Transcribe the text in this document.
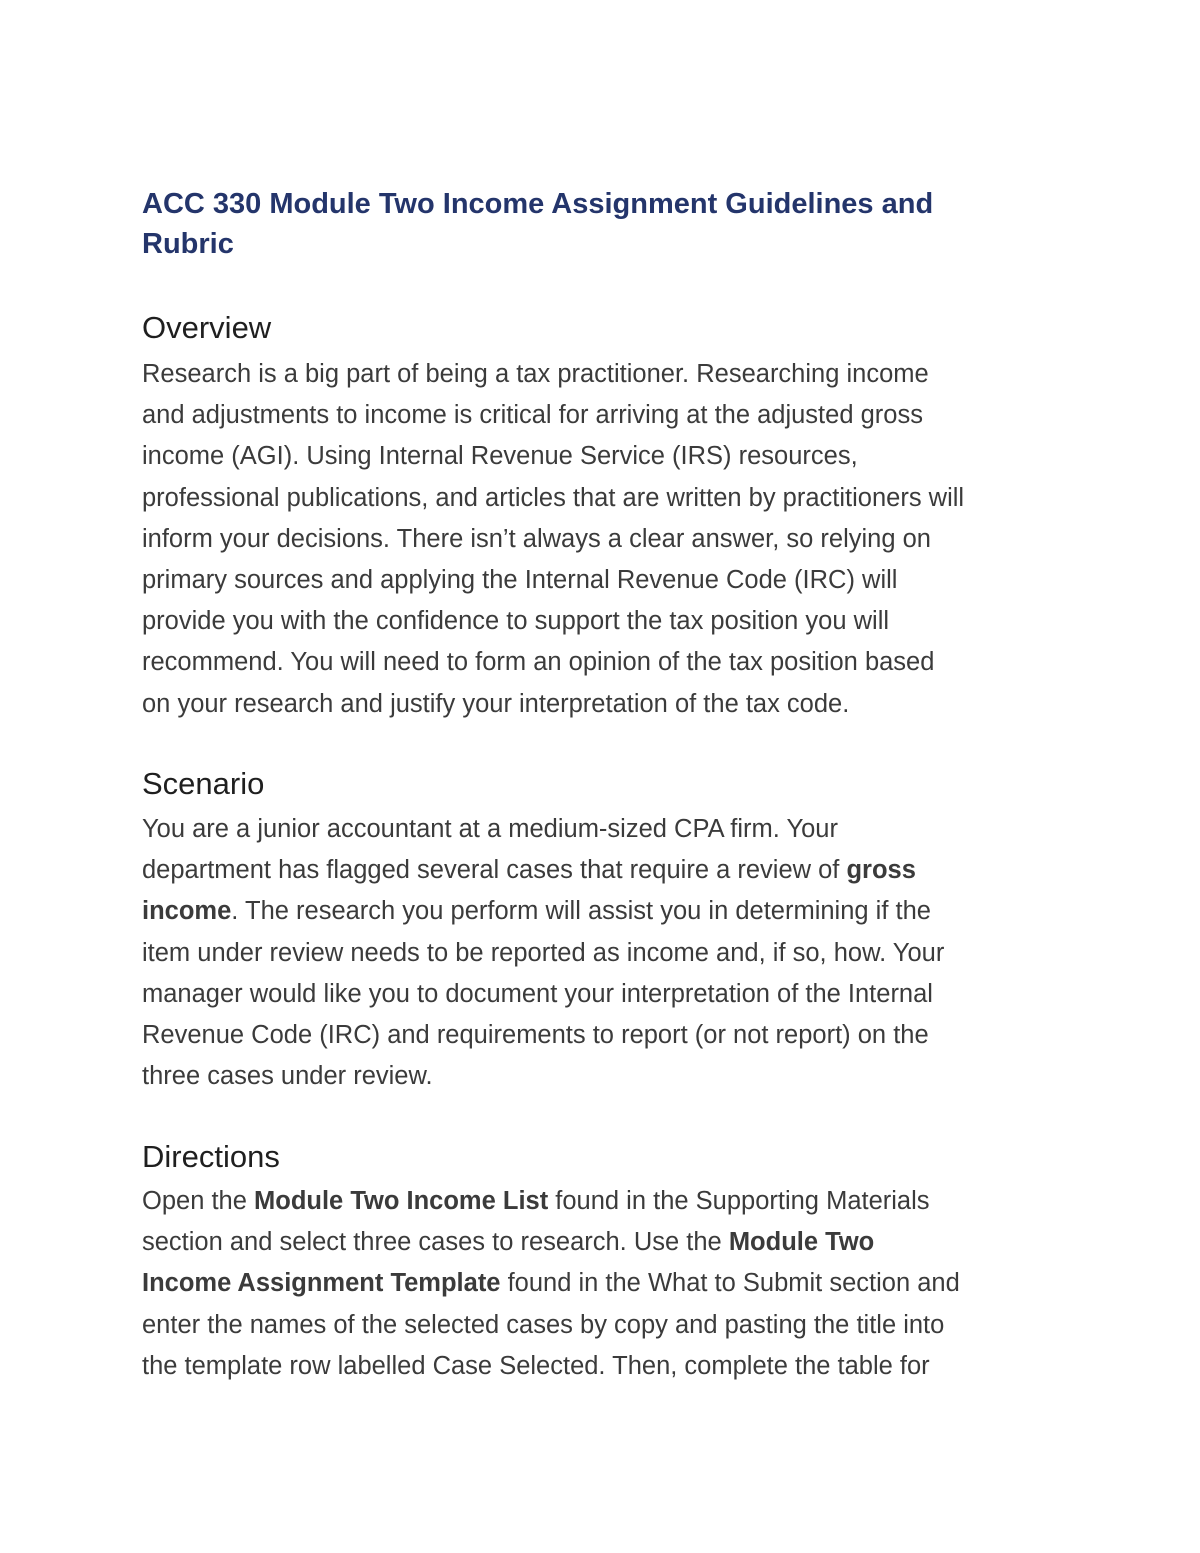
ACC 330 Module Two Income Assignment Guidelines and
Rubric
Overview

Research is a big part of being a tax practitioner. Researching income
and adjustments to income is critical for arriving at the adjusted gross
income (AGI). Using Internal Revenue Service (IRS) resources,
professional publications, and articles that are written by practitioners will
inform your decisions. There isn’t always a clear answer, so relying on
primary sources and applying the Internal Revenue Code (IRC) will
provide you with the confidence to support the tax position you will
recommend. You will need to form an opinion of the tax position based
on your research and justify your interpretation of the tax code.

Scenario

You are a junior accountant at a medium-sized CPA firm. Your
department has flagged several cases that require a review of gross
income. The research you perform will assist you in determining if the
item under review needs to be reported as income and, if so, how. Your
manager would like you to document your interpretation of the Internal
Revenue Code (IRC) and requirements to report (or not report) on the
three cases under review.

Directions

Open the Module Two Income List found in the Supporting Materials
section and select three cases to research. Use the Module Two
Income Assignment Template found in the What to Submit section and
enter the names of the selected cases by copy and pasting the title into
the template row labelled Case Selected. Then, complete the table for
